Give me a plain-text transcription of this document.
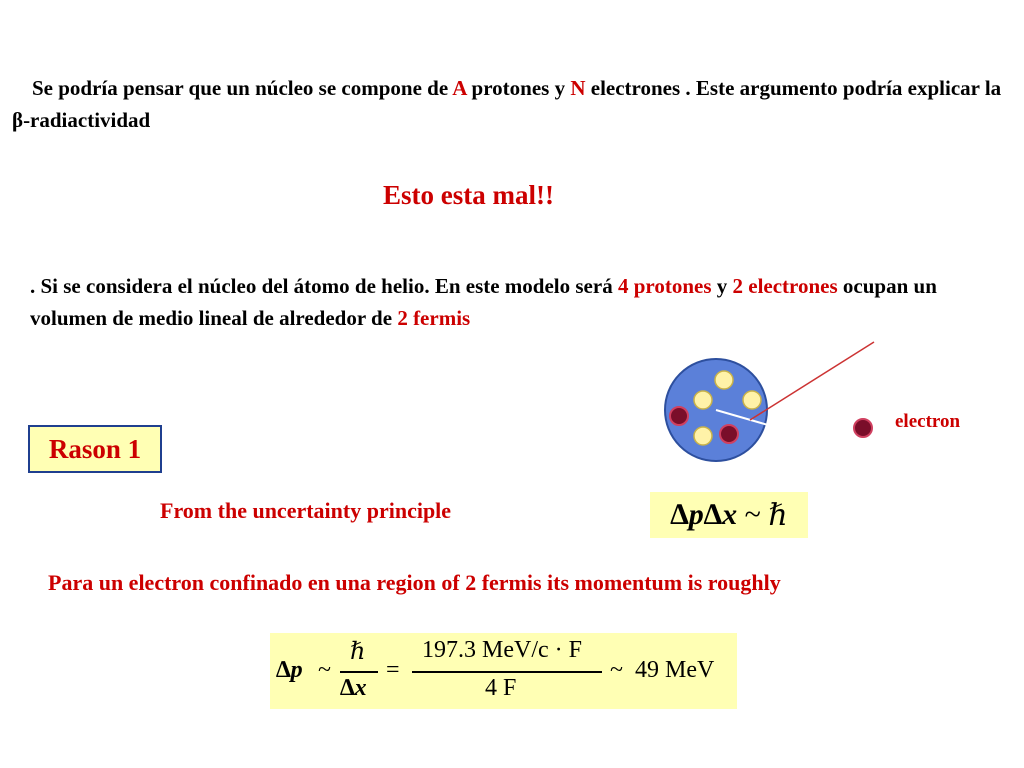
Se podría pensar que un núcleo se compone de A protones y N electrones . Este argumento podría explicar la β-radiactividad
Esto esta mal!!
. Si se considera el núcleo del átomo de helio. En este modelo será 4 protones y 2 electrones ocupan un volumen de medio lineal de alrededor de 2 fermis
electron
Rason 1
From the uncertainty principle	∆p∆x
~
ℏ
Para un electron confinado en una region of 2 fermis its momentum is roughly
∆p ~
ℏ
∆x
=
197.3 MeV/c · F
4 F
~ 49 MeV
